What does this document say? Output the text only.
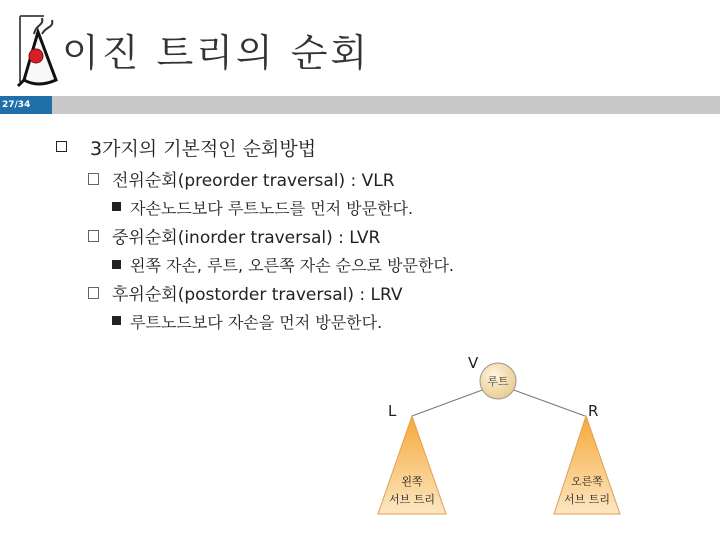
이진 트리의 순회
27/34
3가지의 기본적인 순회방법
전위순회(preorder traversal) : VLR
자손노드보다 루트노드를 먼저 방문한다.
중위순회(inorder traversal) : LVR
왼쪽 자손, 루트, 오른쪽 자손 순으로 방문한다.
후위순회(postorder traversal) : LRV
루트노드보다 자손을 먼저 방문한다.
V
루트
L	R
왼쪽
서브 트리
오른쪽
서브 트리
